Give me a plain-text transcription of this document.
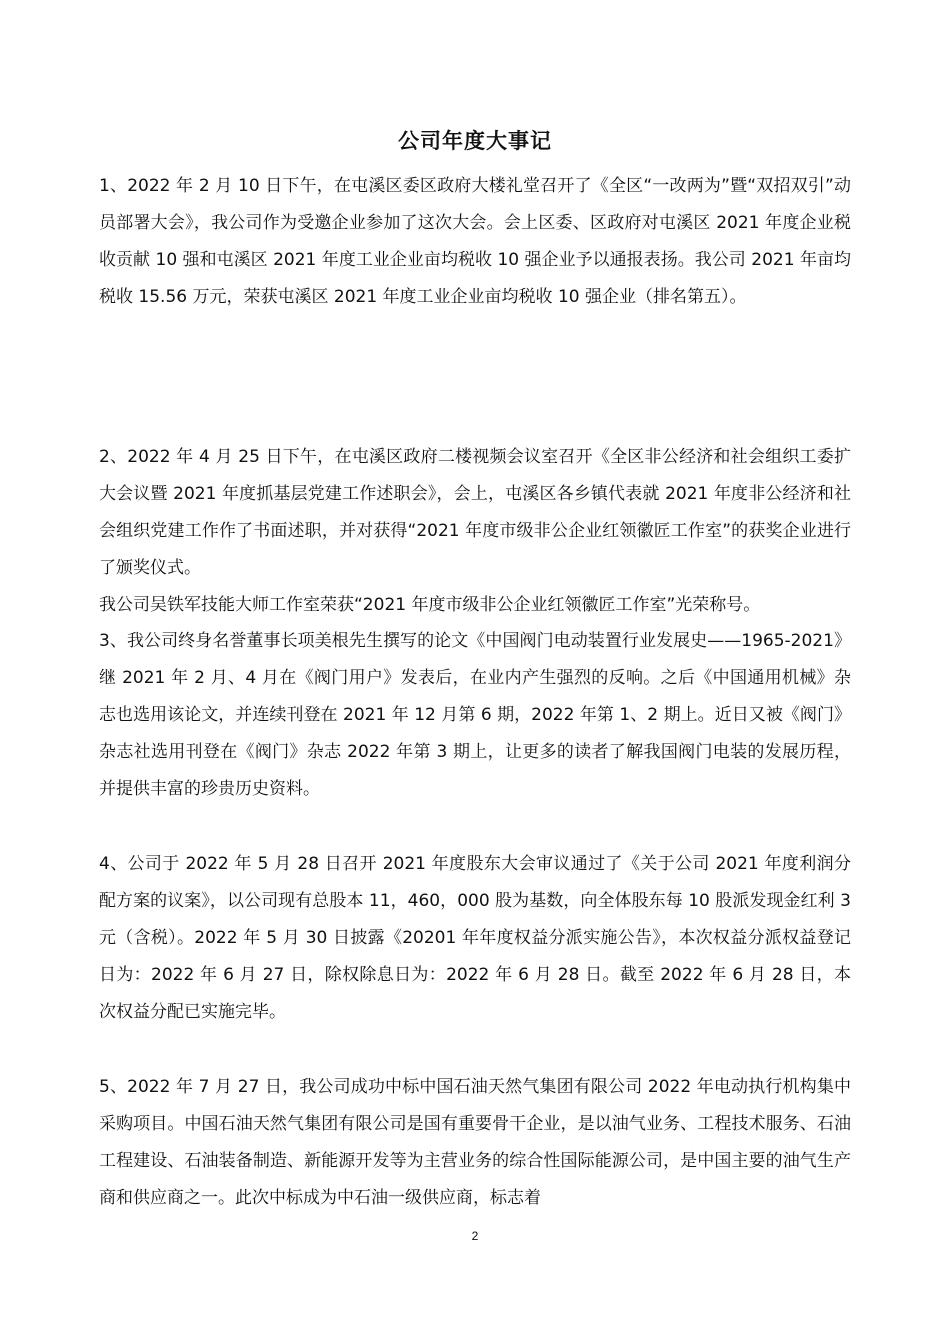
公司年度大事记

1、2022 年 2 月 10 日下午，在屯溪区委区政府大楼礼堂召开了《全区“一改两为”暨“双招双引”动员部署大会》，我公司作为受邀企业参加了这次大会。会上区委、区政府对屯溪区 2021 年度企业税收贡献 10 强和屯溪区 2021 年度工业企业亩均税收 10 强企业予以通报表扬。我公司 2021 年亩均税收 15.56 万元，荣获屯溪区 2021 年度工业企业亩均税收 10 强企业（排名第五）。

2、2022 年 4 月 25 日下午，在屯溪区政府二楼视频会议室召开《全区非公经济和社会组织工委扩大会议暨 2021 年度抓基层党建工作述职会》，会上，屯溪区各乡镇代表就 2021 年度非公经济和社会组织党建工作作了书面述职，并对获得“2021 年度市级非公企业红领徽匠工作室”的获奖企业进行了颁奖仪式。

我公司吴铁军技能大师工作室荣获“2021 年度市级非公企业红领徽匠工作室”光荣称号。

3、我公司终身名誉董事长项美根先生撰写的论文《中国阀门电动装置行业发展史——1965-2021》继 2021 年 2 月、4 月在《阀门用户》发表后，在业内产生强烈的反响。之后《中国通用机械》杂志也选用该论文，并连续刊登在 2021 年 12 月第 6 期，2022 年第 1、2 期上。近日又被《阀门》杂志社选用刊登在《阀门》杂志 2022 年第 3 期上，让更多的读者了解我国阀门电装的发展历程，并提供丰富的珍贵历史资料。

4、公司于 2022 年 5 月 28 日召开 2021 年度股东大会审议通过了《关于公司 2021 年度利润分配方案的议案》，以公司现有总股本 11，460，000 股为基数，向全体股东每 10 股派发现金红利 3 元（含税）。2022 年 5 月 30 日披露《20201 年年度权益分派实施公告》，本次权益分派权益登记日为：2022 年 6 月 27 日，除权除息日为：2022 年 6 月 28 日。截至 2022 年 6 月 28 日，本次权益分配已实施完毕。

5、2022 年 7 月 27 日，我公司成功中标中国石油天然气集团有限公司 2022 年电动执行机构集中采购项目。中国石油天然气集团有限公司是国有重要骨干企业，是以油气业务、工程技术服务、石油工程建设、石油装备制造、新能源开发等为主营业务的综合性国际能源公司，是中国主要的油气生产商和供应商之一。此次中标成为中石油一级供应商，标志着

2
